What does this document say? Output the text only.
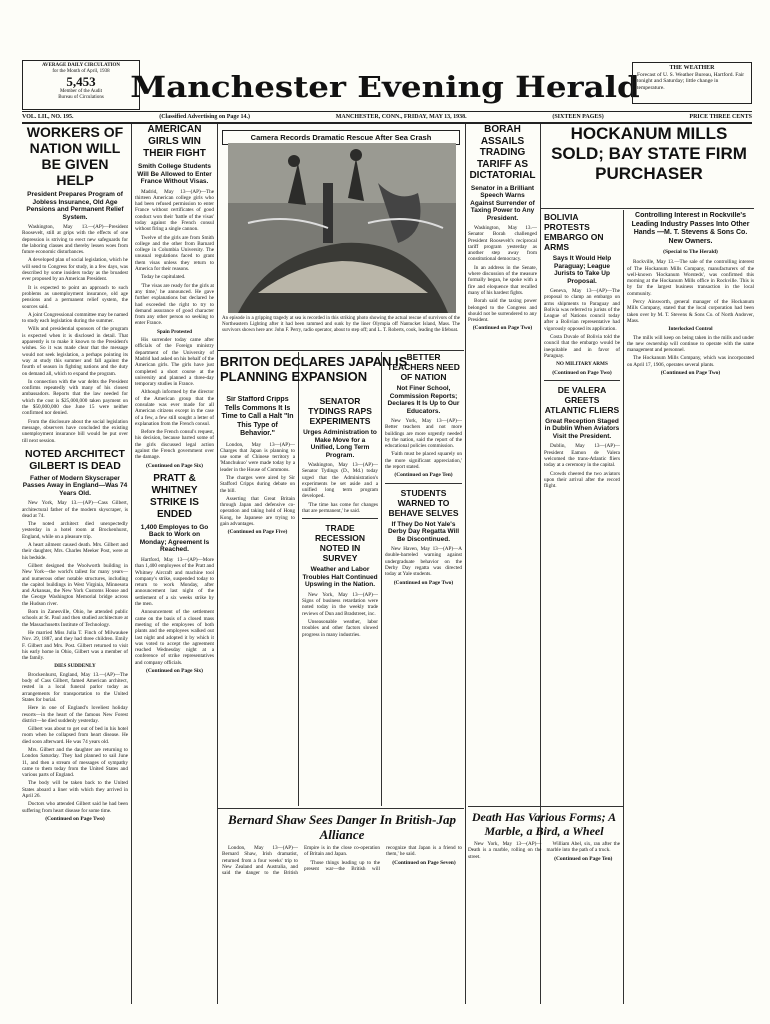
AVERAGE DAILY CIRCULATION
for the Month of April, 1938
5,453
Member of the Audit
Bureau of Circulations Manchester Evening Herald
THE WEATHER
Forecast of U. S. Weather Bureau, Hartford. Fair tonight and Saturday; little change in temperature.
VOL. LII., NO. 195.	(Classified Advertising on Page 14.)	MANCHESTER, CONN., FRIDAY, MAY 13, 1938.	(SIXTEEN PAGES)	PRICE THREE CENTS
WORKERS OF NATION WILL BE GIVEN HELP
President Prepares Program of Jobless Insurance, Old Age Pensions and Permanent Relief System.

Washington, May 13.—(AP)—President Roosevelt, still at grips with the effects of one depression is striving to erect new safeguards for the laboring classes and thereby lessen woes from future economic disturbances.

A developed plan of social legislation, which he will send to Congress for study, in a few days, was described by some insiders today as the broadest ever proposed by an American President.

It is expected to point an approach to such problems as unemployment insurance, old age pensions and a permanent relief system, the sources said.

A joint Congressional committee may be named to study each legislation during the summer.

Wills and presidential sponsors of the program is expected when it is disclosed in detail. That apparently is to make it known to the President's wishes. So it was made clear that the message would not seek legislation, a perhaps pointing its way at study this summer and fall against the fourth of season in fighting nations and the duty on demand all, which to expand the program.

In connection with the war debts the President confirms repeatedly with many of his closest ambassadors. Reports that the law needed for which the cost is $25,000,000 taken payment on the $50,000,000 due June 15 were neither confirmed nor denied.

From the disclosure about the social legislation message, observers have concluded the existing unemployment insurance bill would be put over till next session.

NOTED ARCHITECT GILBERT IS DEAD
Father of Modern Skyscraper Passes Away in England—Was 74 Years Old.

New York, May 13.—(AP)—Cass Gilbert, architectural father of the modern skyscraper, is dead at 74.

The noted architect died unexpectedly yesterday in a hotel room at Brockenhurst, England, while on a pleasure trip.

A heart ailment caused death. Mrs. Gilbert and their daughter, Mrs. Charles Meeker Post, were at his bedside.

Gilbert designed the Woolworth building in New York—the world's tallest for many years—and numerous other notable structures, including the capitol buildings in West Virginia, Minnesota and Arkansas, the New York Customs House and the George Washington Memorial bridge across the Hudson river.

Born in Zanesville, Ohio, he attended public schools at St. Paul and then studied architecture at the Massachusetts Institute of Technology.

He married Miss Julia T. Finch of Milwaukee Nov. 29, 1887, and they had three children. Emily F. Gilbert and Mrs. Post. Gilbert returned to visit his early home in Ohio, Gilbert was a member of the family.

DIES SUDDENLY

Brockenhurst, England, May 13.—(AP)—The body of Cass Gilbert, famed American architect, rested in a local funeral parlor today as arrangements for transportation to the United States for burial.

Here in one of England's loveliest holiday resorts—in the heart of the famous New Forest district—he died suddenly yesterday.

Gilbert was about to get out of bed in his hotel room when he collapsed from heart disease. He died soon afterward. He was 74 years old.

Mrs. Gilbert and the daughter are returning to London Saturday. They had planned to sail June 11, and then a stream of messages of sympathy came to them today from the United States and various parts of England.

The body will be taken back to the United States aboard a liner with which they arrived in April 26.

Doctors who attended Gilbert said he had been suffering from heart disease for some time.

(Continued on Page Two)

AMERICAN GIRLS WIN THEIR FIGHT
Smith College Students Will Be Allowed to Enter France Without Visas.

Madrid, May 13—(AP)—The thirteen American college girls who had been refused permission to enter France without certificates of good conduct won their 'battle of the visas' today against the French consul without firing a single cannon.

Twelve of the girls are from Smith college and the other from Barnard college in Columbia University. The unusual regulations faced to grant them visas unless they return to America for their reasons.

Today he capitulated.

'The visas are ready for the girls at any time,' he announced. He gave further explanations but declared he had exceeded the right to try to demand assurance of good character from any other person so seeking to enter France.

Spain Protested

His surrender today came after officials of the Foreign ministry department of the University of Madrid had asked on his behalf of the American girls. The girls have just completed a short course at the university and planned a three-day temporary studies in France.

Although informed by the director of the American group that the consulate was ever made for all American citizens except in the case of a few, a few still sought a letter of explanation from the French consul.

Before the French consul's request, his decision, because barred some of the girls discussed legal action against the French government over the damage.

(Continued on Page Six)

PRATT & WHITNEY STRIKE IS ENDED
1,400 Employes to Go Back to Work on Monday; Agreement Is Reached.

Hartford, May 13—(AP)—More than 1,400 employees of the Pratt and Whitney Aircraft and machine tool company's strike, suspended today to return to work Monday, after announcement last night of the settlement of a six weeks strike by the men.

Announcement of the settlement came on the basis of a closed mass meeting of the employees of both plants and the employees walked out last night and adopted it by which it was voted to accept the agreement reached Wednesday night at a conference of strike representatives and company officials.

(Continued on Page Six)

Camera Records Dramatic Rescue After Sea Crash
An episode in a gripping tragedy at sea is recorded in this striking photo showing the actual rescue of survivors of the Northeastern Lighting after it had been rammed and sunk by the liner Olympia off Nantucket Island, Mass. The survivors shown here are: John F. Perry, radio operator, about to step off; and L. T. Roberts, cook, leading the lifeboat.
BRITON DECLARES JAPAN IS PLANNING EXPANSION
Sir Stafford Cripps Tells Commons It Is Time to Call a Halt "In This Type of Behavior."

London, May 13—(AP)—Charges that Japan is planning to use some of Chinese territory a 'Manchukuo' were made today by a leader in the House of Commons.

The charges were aired by Sir Stafford Cripps during debate on the bill.

Asserting that Great Britain through Japan and defensive co-operation and taking hold of Hong Kong, he Japanese are trying to gain advantages.

(Continued on Page Five)

SENATOR TYDINGS RAPS EXPERIMENTS
Urges Administration to Make Move for a Unified, Long Term Program.

Washington, May 13—(AP)—Senator Tydings (D., Md.) today urged that the Administration's experiments be set aside and a unified long term program developed.

'The time has come for changes that are permanent,' he said.

TRADE RECESSION NOTED IN SURVEY
Weather and Labor Troubles Halt Continued Upswing in the Nation.

New York, May 13—(AP)—Signs of business retardation were noted today in the weekly trade reviews of Dun and Bradstreet, inc.

Unseasonable weather, labor troubles and other factors slowed progress in many industries.

BETTER TEACHERS NEED OF NATION
Not Finer School, Commission Reports; Declares It Is Up to Our Educators.

New York, May 13—(AP)—Better teachers and not more buildings are more urgently needed by the nation, said the report of the educational policies commission.

'Faith must be placed squarely on the more significant appreciation,' the report stated.

(Continued on Page Ten)

STUDENTS WARNED TO BEHAVE SELVES
If They Do Not Yale's Derby Day Regatta Will Be Discontinued.

New Haven, May 13—(AP)—A double-barreled warning against undergraduate behavior on the Derby Day regatta was directed today at Yale students.

(Continued on Page Two)

Bernard Shaw Sees Danger In British-Jap Alliance

London, May 13—(AP)—Bernard Shaw, Irish dramatist, returned from a four weeks' trip to New Zealand and Australia, and said the danger to the British Empire is in the close co-operation of Britain and Japan.

'Those things leading up to the present war—the British will recognize that Japan is a friend to them,' he said.

(Continued on Page Seven)

BORAH ASSAILS TRADING TARIFF AS DICTATORIAL
Senator in a Brilliant Speech Warns Against Surrender of Taxing Power to Any President.

Washington, May 13.—Senator Borah challenged President Roosevelt's reciprocal tariff program yesterday as another step away from constitutional democracy.

In an address in the Senate, where discussion of the measure formally began, he spoke with a fire and eloquence that recalled many of his hardest fights.

Borah said the taxing power belonged to the Congress and should not be surrendered to any President.

(Continued on Page Two)

HOCKANUM MILLS SOLD; BAY STATE FIRM PURCHASER
BOLIVIA PROTESTS EMBARGO ON ARMS
Says It Would Help Paraguay; League Jurists to Take Up Proposal.

Geneva, May 13—(AP)—The proposal to clamp an embargo on arms shipments to Paraguay and Bolivia was referred to jurists of the League of Nations council today after a Bolivian representative had vigorously opposed its application.

Costa Duvale of Bolivia told the council that the embargo would be inequitable and in favor of Paraguay.

NO MILITARY ARMS

(Continued on Page Two)

DE VALERA GREETS ATLANTIC FLIERS
Great Reception Staged in Dublin When Aviators Visit the President.

Dublin, May 13—(AP)—President Eamon de Valera welcomed the trans-Atlantic fliers today at a ceremony in the capital.

Crowds cheered the two aviators upon their arrival after the record flight.

Controlling Interest in Rockville's Leading Industry Passes Into Other Hands —M. T. Stevens & Sons Co. New Owners.
(Special to The Herald)

Rockville, May 13.—The sale of the controlling interest of The Hockanum Mills Company, manufacturers of the well-known 'Hockanum Worsteds', was confirmed this morning at the Hockanum Mills office in Rockville. This is by far the largest business transaction in the local community.

Percy Ainsworth, general manager of the Hockanum Mills Company, stated that the local corporation had been taken over by M. T. Stevens & Sons Co. of North Andover, Mass.

Interlocked Control

The mills will keep on being taken in the mills and under the new ownership will continue to operate with the same management and personnel.

The Hockanum Mills Company, which was incorporated on April 17, 1906, operates several plants.

(Continued on Page Two)

Death Has Various Forms; A Marble, a Bird, a Wheel

New York, May 13—(AP)—Death is a marble, rolling on the street.

William Abel, six, ran after the marble into the path of a truck.

(Continued on Page Ten)
